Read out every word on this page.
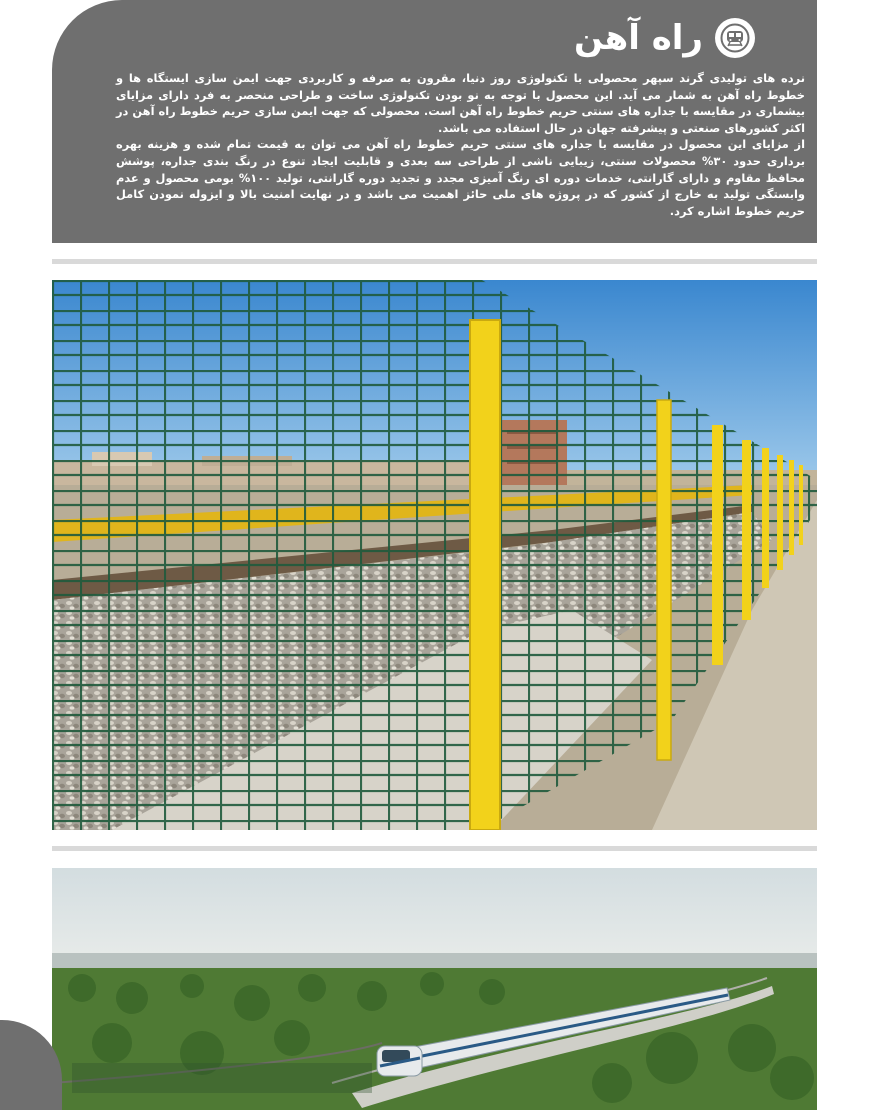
راه آهن

نرده های تولیدی گرند سپهر محصولی با تکنولوژی روز دنیا، مقرون به صرفه و کاربردی جهت ایمن سازی ایستگاه ها و خطوط راه آهن به شمار می آید. این محصول با توجه به نو بودن تکنولوژی ساخت و طراحی منحصر به فرد دارای مزایای بیشماری در مقایسه با جداره های سنتی حریم خطوط راه آهن است. محصولی که جهت ایمن سازی حریم خطوط راه آهن در اکثر کشورهای صنعتی و پیشرفته جهان در حال استفاده می باشد.

از مزایای این محصول در مقایسه با جداره های سنتی حریم خطوط راه آهن می توان به قیمت تمام شده و هزینه بهره برداری حدود ۳۰% محصولات سنتی، زیبایی ناشی از طراحی سه بعدی و قابلیت ایجاد تنوع در رنگ بندی جداره، پوشش محافظ مقاوم و دارای گارانتی، خدمات دوره ای رنگ آمیزی مجدد و تجدید دوره گارانتی، تولید ۱۰۰% بومی محصول و عدم وابستگی تولید به خارج از کشور که در پروژه های ملی حائز اهمیت می باشد و در نهایت امنیت بالا و ایزوله نمودن کامل حریم خطوط اشاره کرد.
